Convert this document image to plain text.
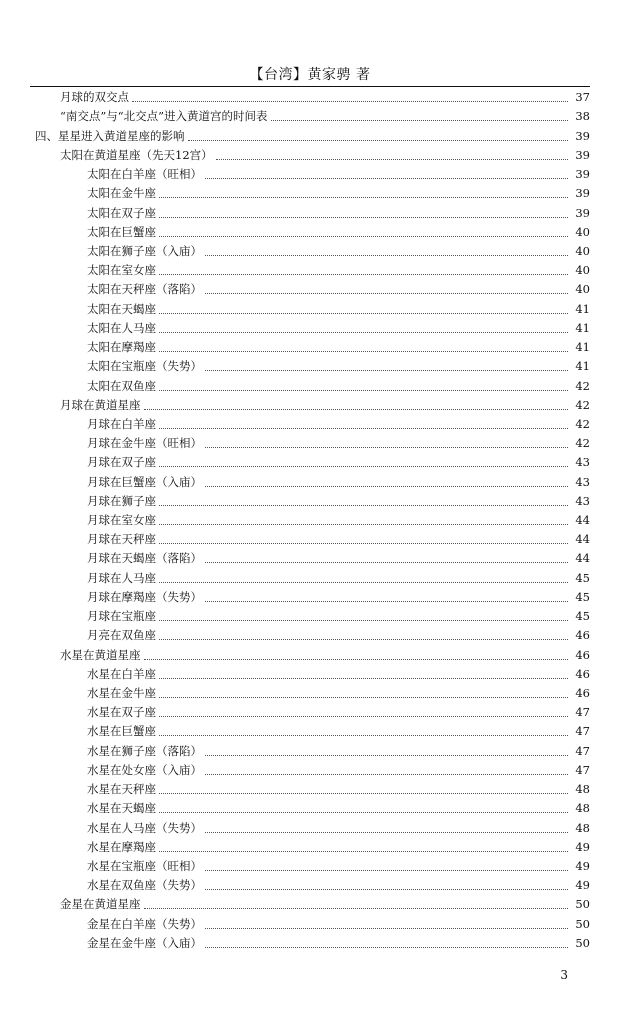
【台湾】黄家骋 著
月球的双交点	37
“南交点”与“北交点”进入黄道宫的时间表	38
四、星星进入黄道星座的影响	39
太阳在黄道星座（先天12宫）	39
太阳在白羊座（旺相）	39
太阳在金牛座	39
太阳在双子座	39
太阳在巨蟹座	40
太阳在狮子座（入庙）	40
太阳在室女座	40
太阳在天秤座（落陷）	40
太阳在天蝎座	41
太阳在人马座	41
太阳在摩羯座	41
太阳在宝瓶座（失势）	41
太阳在双鱼座	42
月球在黄道星座	42
月球在白羊座	42
月球在金牛座（旺相）	42
月球在双子座	43
月球在巨蟹座（入庙）	43
月球在狮子座	43
月球在室女座	44
月球在天秤座	44
月球在天蝎座（落陷）	44
月球在人马座	45
月球在摩羯座（失势）	45
月球在宝瓶座	45
月亮在双鱼座	46
水星在黄道星座	46
水星在白羊座	46
水星在金牛座	46
水星在双子座	47
水星在巨蟹座	47
水星在狮子座（落陷）	47
水星在处女座（入庙）	47
水星在天秤座	48
水星在天蝎座	48
水星在人马座（失势）	48
水星在摩羯座	49
水星在宝瓶座（旺相）	49
水星在双鱼座（失势）	49
金星在黄道星座	50
金星在白羊座（失势）	50
金星在金牛座（入庙）	50
3
